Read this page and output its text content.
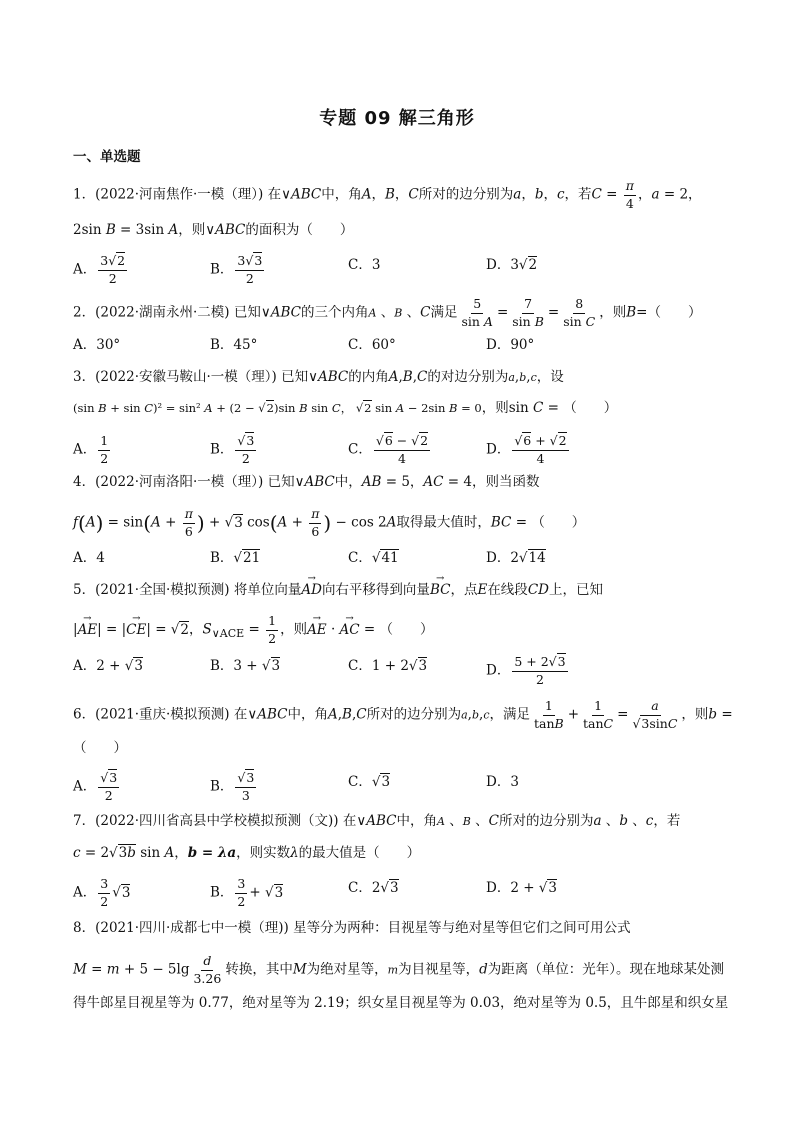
专题 09 解三角形
一、单选题
1．(2022·河南焦作·一模（理）) 在∨ABC中，角A，B，C所对的边分别为a，b，c，若$C = \frac{\pi}{4}$ ，a = 2，
2sin B = 3sin A，则∨ABC的面积为（　　）
A． $\frac{3√2}{2}$	B． $\frac{3√3}{2}$	C．3	D．3√2
2．(2022·湖南永州·二模) 已知∨ABC的三个内角A 、B 、C满足 $\frac{5}{\text{sin A}} = \frac{7}{\text{sin B}} = \frac{8}{\text{sin C}}$ ，则B=（　　）
A．30°	B．45°	C．60°	D．90°
3．(2022·安徽马鞍山·一模（理）) 已知∨ABC的内角A,B,C的对边分别为a,b,c，设
(sin B + sin C)² = sin² A + (2 − √2)sin B sin C， √2 sin A − 2sin B = 0，则sin C = （　　）
A． $\frac{1}{2}$	B． $\frac{√3}{2}$	C． $\frac{√6 - √2}{4}$	D． $\frac{√6 + √2}{4}$
4．(2022·河南洛阳·一模（理）) 已知∨ABC中，AB = 5，AC = 4，则当函数
$f(A) = \sin(A + \frac{\pi}{6}$ ) + √3 $\cos(A + \frac{\pi}{6}$ ) − cos 2A取得最大值时，BC = （　　）
A．4	B．√21	C．√41	D．2√14
5．(2021·全国·模拟预测) 将单位向量→ AD向右平移得到向量→ BC，点E在线段CD上，已知
|→ AE| = |→ CE| = √2，$S_{\vee ACE} = \frac{1}{2}$ ，则→ AE · → AC = （　　）
A．2 + √3	B．3 + √3	C．1 + 2√3	D． $\frac{5 + 2√3}{2}$
6．(2021·重庆·模拟预测) 在∨ABC中，角A,B,C所对的边分别为a,b,c，满足 $\frac{1}{\tan B} + \frac{1}{\tan C} = \frac{a}{√3\sin C}$ ，则b =
（　　）
A． $\frac{√3}{2}$	B． $\frac{√3}{3}$	C．√3	D．3
7．(2022·四川省高县中学校模拟预测（文)) 在∨ABC中，角A 、B 、C所对的边分别为a 、b 、c，若
c = 2√3b sin A，b = λa，则实数λ的最大值是（　　）
A． $\frac{3}{2} √3$	B． $\frac{3}{2} + √3$	C．2√3	D．2 + √3
8．(2021·四川·成都七中一模（理)) 星等分为两种：目视星等与绝对星等但它们之间可用公式
$M = m + 5 - 5\lg \frac{d}{3.26}$ 转换，其中M为绝对星等，m为目视星等，d为距离（单位：光年）。现在地球某处测
得牛郎星目视星等为 0.77，绝对星等为 2.19；织女星目视星等为 0.03，绝对星等为 0.5，且牛郎星和织女星
